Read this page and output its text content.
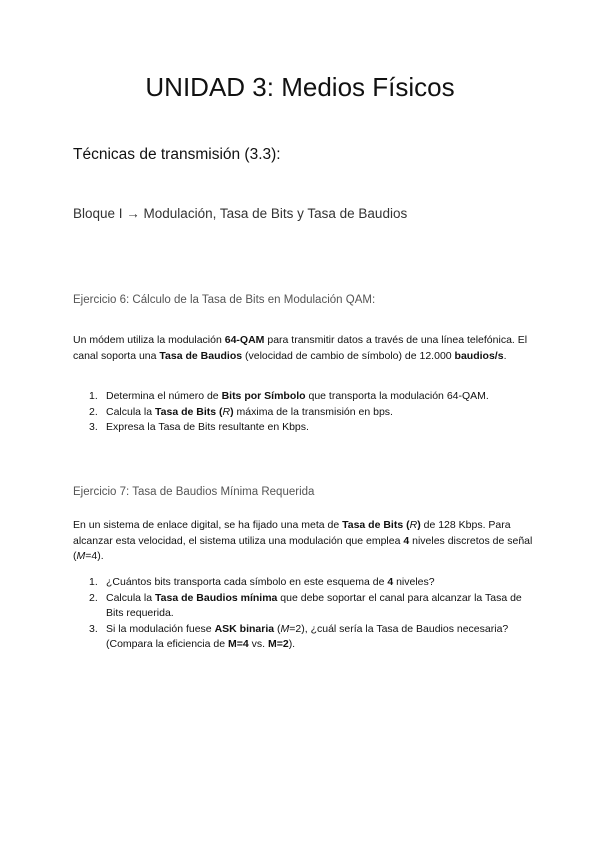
UNIDAD 3: Medios Físicos
Técnicas de transmisión (3.3):
Bloque I → Modulación, Tasa de Bits y Tasa de Baudios
Ejercicio 6: Cálculo de la Tasa de Bits en Modulación QAM:

Un módem utiliza la modulación 64-QAM para transmitir datos a través de una línea telefónica. El canal soporta una Tasa de Baudios (velocidad de cambio de símbolo) de 12.000 baudios/s.

1. Determina el número de Bits por Símbolo que transporta la modulación 64-QAM.
2. Calcula la Tasa de Bits (R) máxima de la transmisión en bps.
3. Expresa la Tasa de Bits resultante en Kbps.
Ejercicio 7: Tasa de Baudios Mínima Requerida

En un sistema de enlace digital, se ha fijado una meta de Tasa de Bits (R) de 128 Kbps. Para alcanzar esta velocidad, el sistema utiliza una modulación que emplea 4 niveles discretos de señal (M=4).

1. ¿Cuántos bits transporta cada símbolo en este esquema de 4 niveles?
2. Calcula la Tasa de Baudios mínima que debe soportar el canal para alcanzar la Tasa de Bits requerida.
3. Si la modulación fuese ASK binaria (M=2), ¿cuál sería la Tasa de Baudios necesaria? (Compara la eficiencia de M=4 vs. M=2).
